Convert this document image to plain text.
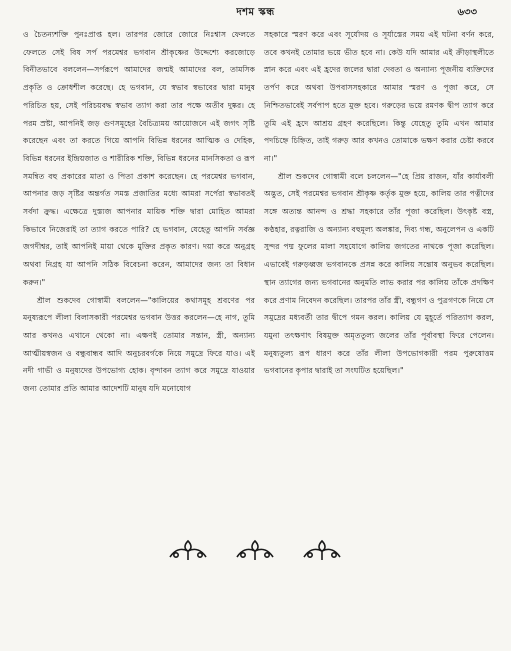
দশম স্কন্ধ	৬৩৩

ও চৈতন্যশক্তি পুনঃপ্রাপ্ত হল। তারপর জোরে জোরে নিঃশ্বাস ফেলতে ফেলতে সেই বিষ সর্প পরমেশ্বর ভগবান শ্রীকৃষ্ণের উদ্দেশ্যে করজোড়ে বিনীতভাবে বললেন—সর্পরূপে আমাদের জন্মই আমাদের বল, তামসিক প্রকৃতি ও ক্রোধশীল করেছে। হে ভগবান, যে স্বভাব স্বভাবের দ্বারা মানুষ পরিচিত হয়, সেই পরিচয়বদ্ধ স্বভাব ত্যাগ করা তার পক্ষে অতীব দুষ্কর। হে পরম স্রষ্টা, আপনিই জড় গুণসমূহের বৈচিত্র্যময় আয়োজনে এই জগৎ সৃষ্টি করেছেন এবং তা করতে গিয়ে আপনি বিভিন্ন ধরনের আত্মিক ও দেহিক, বিভিন্ন ধরনের ইন্দ্রিয়জাত ও শারীরিক শক্তি, বিভিন্ন ধরনের মানসিকতা ও রূপ সমন্বিত বহু প্রকারের মাতা ও পিতা প্রকাশ করেছেন। হে পরমেশ্বর ভগবান, আপনার জড় সৃষ্টির অন্তর্গত সমস্ত প্রজাতির মধ্যে আমরা সর্পেরা স্বভাবতই সর্বদা ক্রুদ্ধ। এক্ষেত্রে দুস্ত্যজ আপনার মায়িক শক্তি দ্বারা মোহিত আমরা কিভাবে নিজেরাই তা ত্যাগ করতে পারি? হে ভগবান, যেহেতু আপনি সর্বজ্ঞ জগদীশ্বর, তাই আপনিই মায়া থেকে মুক্তির প্রকৃত কারণ। দয়া করে অনুগ্রহ অথবা নিগ্রহ যা আপনি সঠিক বিবেচনা করেন, আমাদের জন্য তা বিধান করুন।"

শ্রীল শুকদেব গোস্বামী বললেন—"কালিয়ের কথাসমূহ শ্রবণের পর মনুষ্যরূপে লীলা বিলাসকারী পরমেশ্বর ভগবান উত্তর করলেন—হে নাগ, তুমি আর কখনও এখানে থেকো না। এক্ষণই তোমার সন্তান, স্ত্রী, অন্যান্য আত্মীয়স্বজন ও বন্ধুবান্ধব আদি অনুচরবর্গকে নিয়ে সমুদ্রে ফিরে যাও। এই নদী গাভী ও মনুষ্যদের উপভোগ্য হোক। বৃন্দাবন ত্যাগ করে সমুদ্রে যাওয়ার জন্য তোমার প্রতি আমার আদেশটি মানুষ যদি মনোযোগ

সহকারে স্মরণ করে এবং সূর্যোদয় ও সূর্যাস্তের সময় এই ঘটনা বর্ণন করে, তবে কখনই তোমার ভয়ে ভীত হবে না। কেউ যদি আমার এই ক্রীড়াস্থলীতে স্নান করে এবং এই হ্রদের জলের দ্বারা দেবতা ও অন্যান্য পূজনীয় ব্যক্তিদের তর্পণ করে অথবা উপবাসসহকারে আমার স্মরণ ও পূজা করে, সে নিশ্চিতভাবেই সর্বপাপ হতে মুক্ত হবে। গরুড়ের ভয়ে রমণক দ্বীপ ত্যাগ করে তুমি এই হ্রদে আশ্রয় গ্রহণ করেছিলে। কিন্তু যেহেতু তুমি এখন আমার পদচিহ্নে চিহ্নিত, তাই গরুড় আর কখনও তোমাকে ভক্ষণ করার চেষ্টা করবে না।"

শ্রীল শুকদেব গোস্বামী বলে চললেন—"হে প্রিয় রাজন, যাঁর কার্যাবলী অদ্ভুত, সেই পরমেশ্বর ভগবান শ্রীকৃষ্ণ কর্তৃক মুক্ত হয়ে, কালিয় তার পত্নীদের সঙ্গে অত্যন্ত আনন্দ ও শ্রদ্ধা সহকারে তাঁর পূজা করেছিল। উৎকৃষ্ট বস্ত্র, কণ্ঠহার, রত্নরাজি ও অন্যান্য বহুমূল্য অলঙ্কার, দিব্য গন্ধ, অনুলেপন ও একটি সুন্দর পদ্ম ফুলের মালা সহযোগে কালিয় জগতের নাথকে পূজা করেছিল। এভাবেই গরুড়ধ্বজ ভগবানকে প্রসন্ন করে কালিয় সন্তোষ অনুভব করেছিল। স্থান ত্যাগের জন্য ভগবানের অনুমতি লাভ করার পর কালিয় তাঁকে প্রদক্ষিণ করে প্রণাম নিবেদন করেছিল। তারপর তাঁর স্ত্রী, বন্ধুগণ ও পুত্রগণকে নিয়ে সে সমুদ্রের মধ্যবর্তী তার দ্বীপে গমন করল। কালিয় যে মুহূর্তে পরিত্যাগ করল, যমুনা তৎক্ষণাৎ বিষমুক্ত অমৃততুল্য জলের তাঁর পূর্বাবস্থা ফিরে পেলেন। মনুষ্যতুল্য রূপ ধারণ করে তাঁর লীলা উপভোগকারী পরম পুরুষোত্তম ভগবানের কৃপার দ্বারাই তা সংঘটিত হয়েছিল।"
